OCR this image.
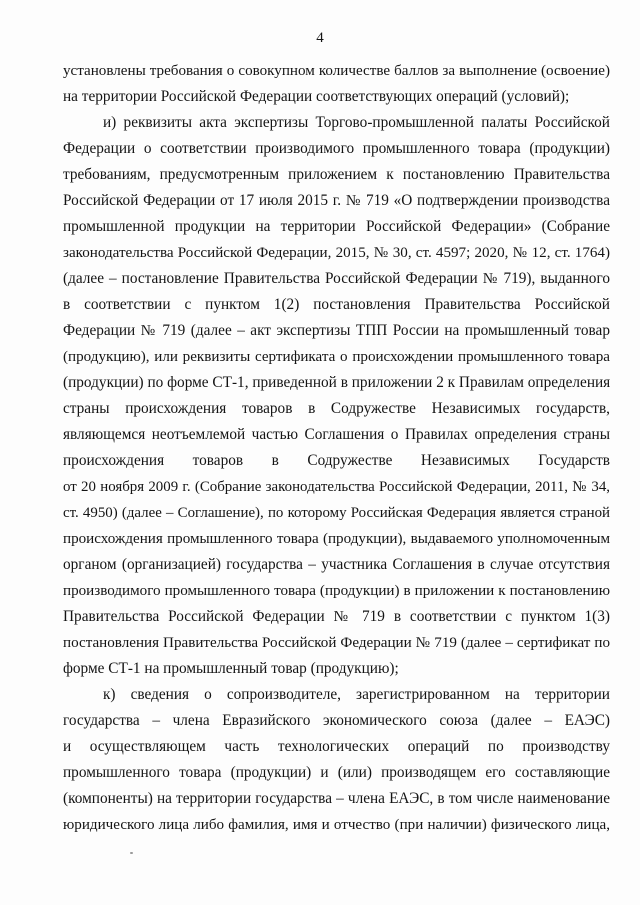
4
установлены требования о совокупном количестве баллов за выполнение (освоение)
на территории Российской Федерации соответствующих операций (условий);
и) реквизиты акта экспертизы Торгово-промышленной палаты Российской
Федерации о соответствии производимого промышленного товара (продукции)
требованиям, предусмотренным приложением к постановлению Правительства
Российской Федерации от 17 июля 2015 г. № 719 «О подтверждении производства
промышленной продукции на территории Российской Федерации» (Собрание
законодательства Российской Федерации, 2015, № 30, ст. 4597; 2020, № 12, ст. 1764)
(далее – постановление Правительства Российской Федерации № 719), выданного
в соответствии с пунктом 1(2) постановления Правительства Российской
Федерации № 719 (далее – акт экспертизы ТПП России на промышленный товар
(продукцию), или реквизиты сертификата о происхождении промышленного товара
(продукции) по форме СТ-1, приведенной в приложении 2 к Правилам определения
страны происхождения товаров в Содружестве Независимых государств,
являющемся неотъемлемой частью Соглашения о Правилах определения страны
происхождения товаров в Содружестве Независимых Государств
от 20 ноября 2009 г. (Собрание законодательства Российской Федерации, 2011, № 34,
ст. 4950) (далее – Соглашение), по которому Российская Федерация является страной
происхождения промышленного товара (продукции), выдаваемого уполномоченным
органом (организацией) государства – участника Соглашения в случае отсутствия
производимого промышленного товара (продукции) в приложении к постановлению
Правительства Российской Федерации № 719 в соответствии с пунктом 1(3)
постановления Правительства Российской Федерации № 719 (далее – сертификат по
форме СТ-1 на промышленный товар (продукцию);
к) сведения о сопроизводителе, зарегистрированном на территории
государства – члена Евразийского экономического союза (далее – ЕАЭС)
и осуществляющем часть технологических операций по производству
промышленного товара (продукции) и (или) производящем его составляющие
(компоненты) на территории государства – члена ЕАЭС, в том числе наименование
юридического лица либо фамилия, имя и отчество (при наличии) физического лица,
